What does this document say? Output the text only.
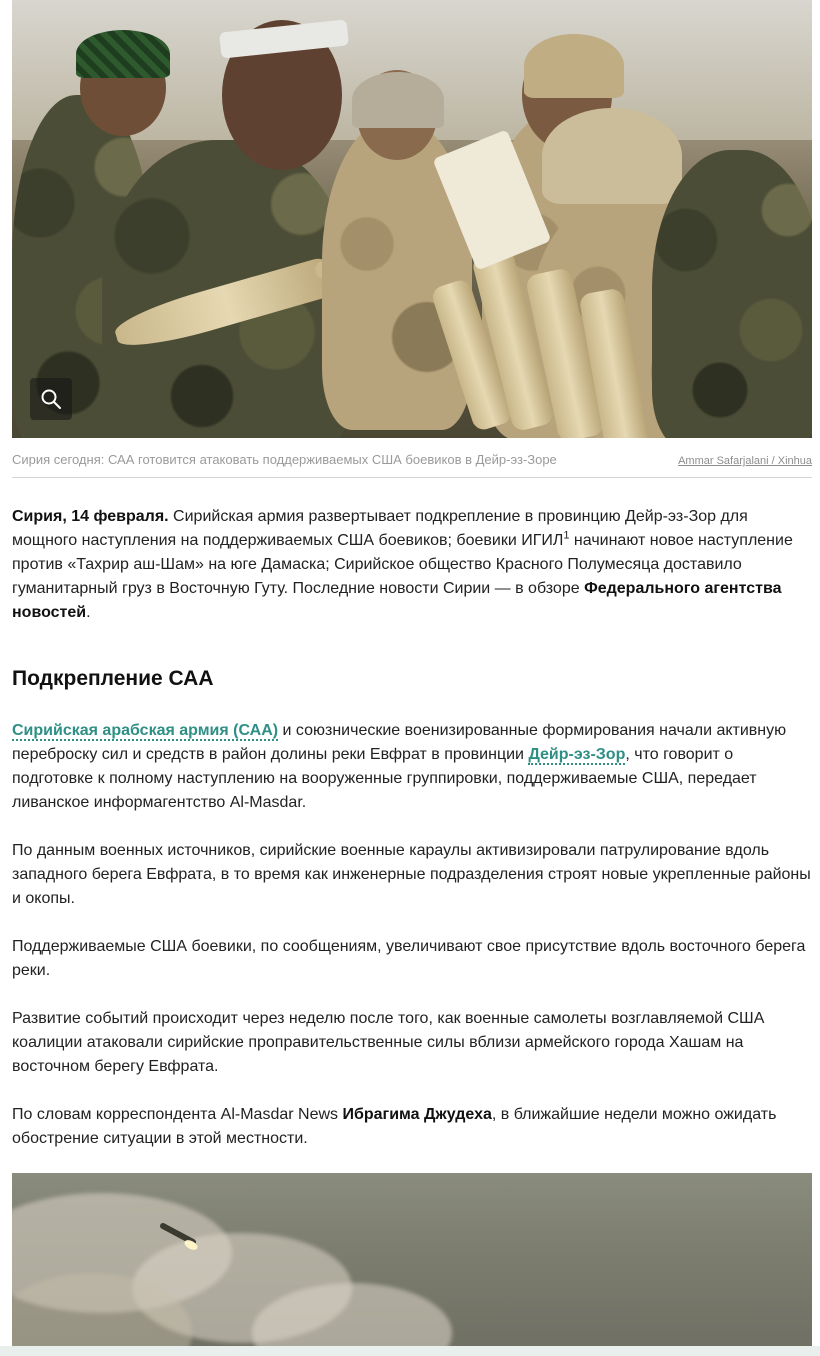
Сирия сегодня: САА готовится атаковать поддерживаемых США боевиков в Дейр-эз-Зоре	Ammar Safarjalani / Xinhua

Сирия, 14 февраля. Сирийская армия развертывает подкрепление в провинцию Дейр-эз-Зор для мощного наступления на поддерживаемых США боевиков; боевики ИГИЛ$^1$ начинают новое наступление против «Тахрир аш-Шам» на юге Дамаска; Сирийское общество Красного Полумесяца доставило гуманитарный груз в Восточную Гуту. Последние новости Сирии — в обзоре Федерального агентства новостей.

Подкрепление САА

Сирийская арабская армия (САА) и союзнические военизированные формирования начали активную переброску сил и средств в район долины реки Евфрат в провинции Дейр-эз-Зор, что говорит о подготовке к полному наступлению на вооруженные группировки, поддерживаемые США, передает ливанское информагентство Al-Masdar.

По данным военных источников, сирийские военные караулы активизировали патрулирование вдоль западного берега Евфрата, в то время как инженерные подразделения строят новые укрепленные районы и окопы.

Поддерживаемые США боевики, по сообщениям, увеличивают свое присутствие вдоль восточного берега реки.

Развитие событий происходит через неделю после того, как военные самолеты возглавляемой США коалиции атаковали сирийские проправительственные силы вблизи армейского города Хашам на восточном берегу Евфрата.

По словам корреспондента Al-Masdar News Ибрагима Джудеха, в ближайшие недели можно ожидать обострение ситуации в этой местности.
